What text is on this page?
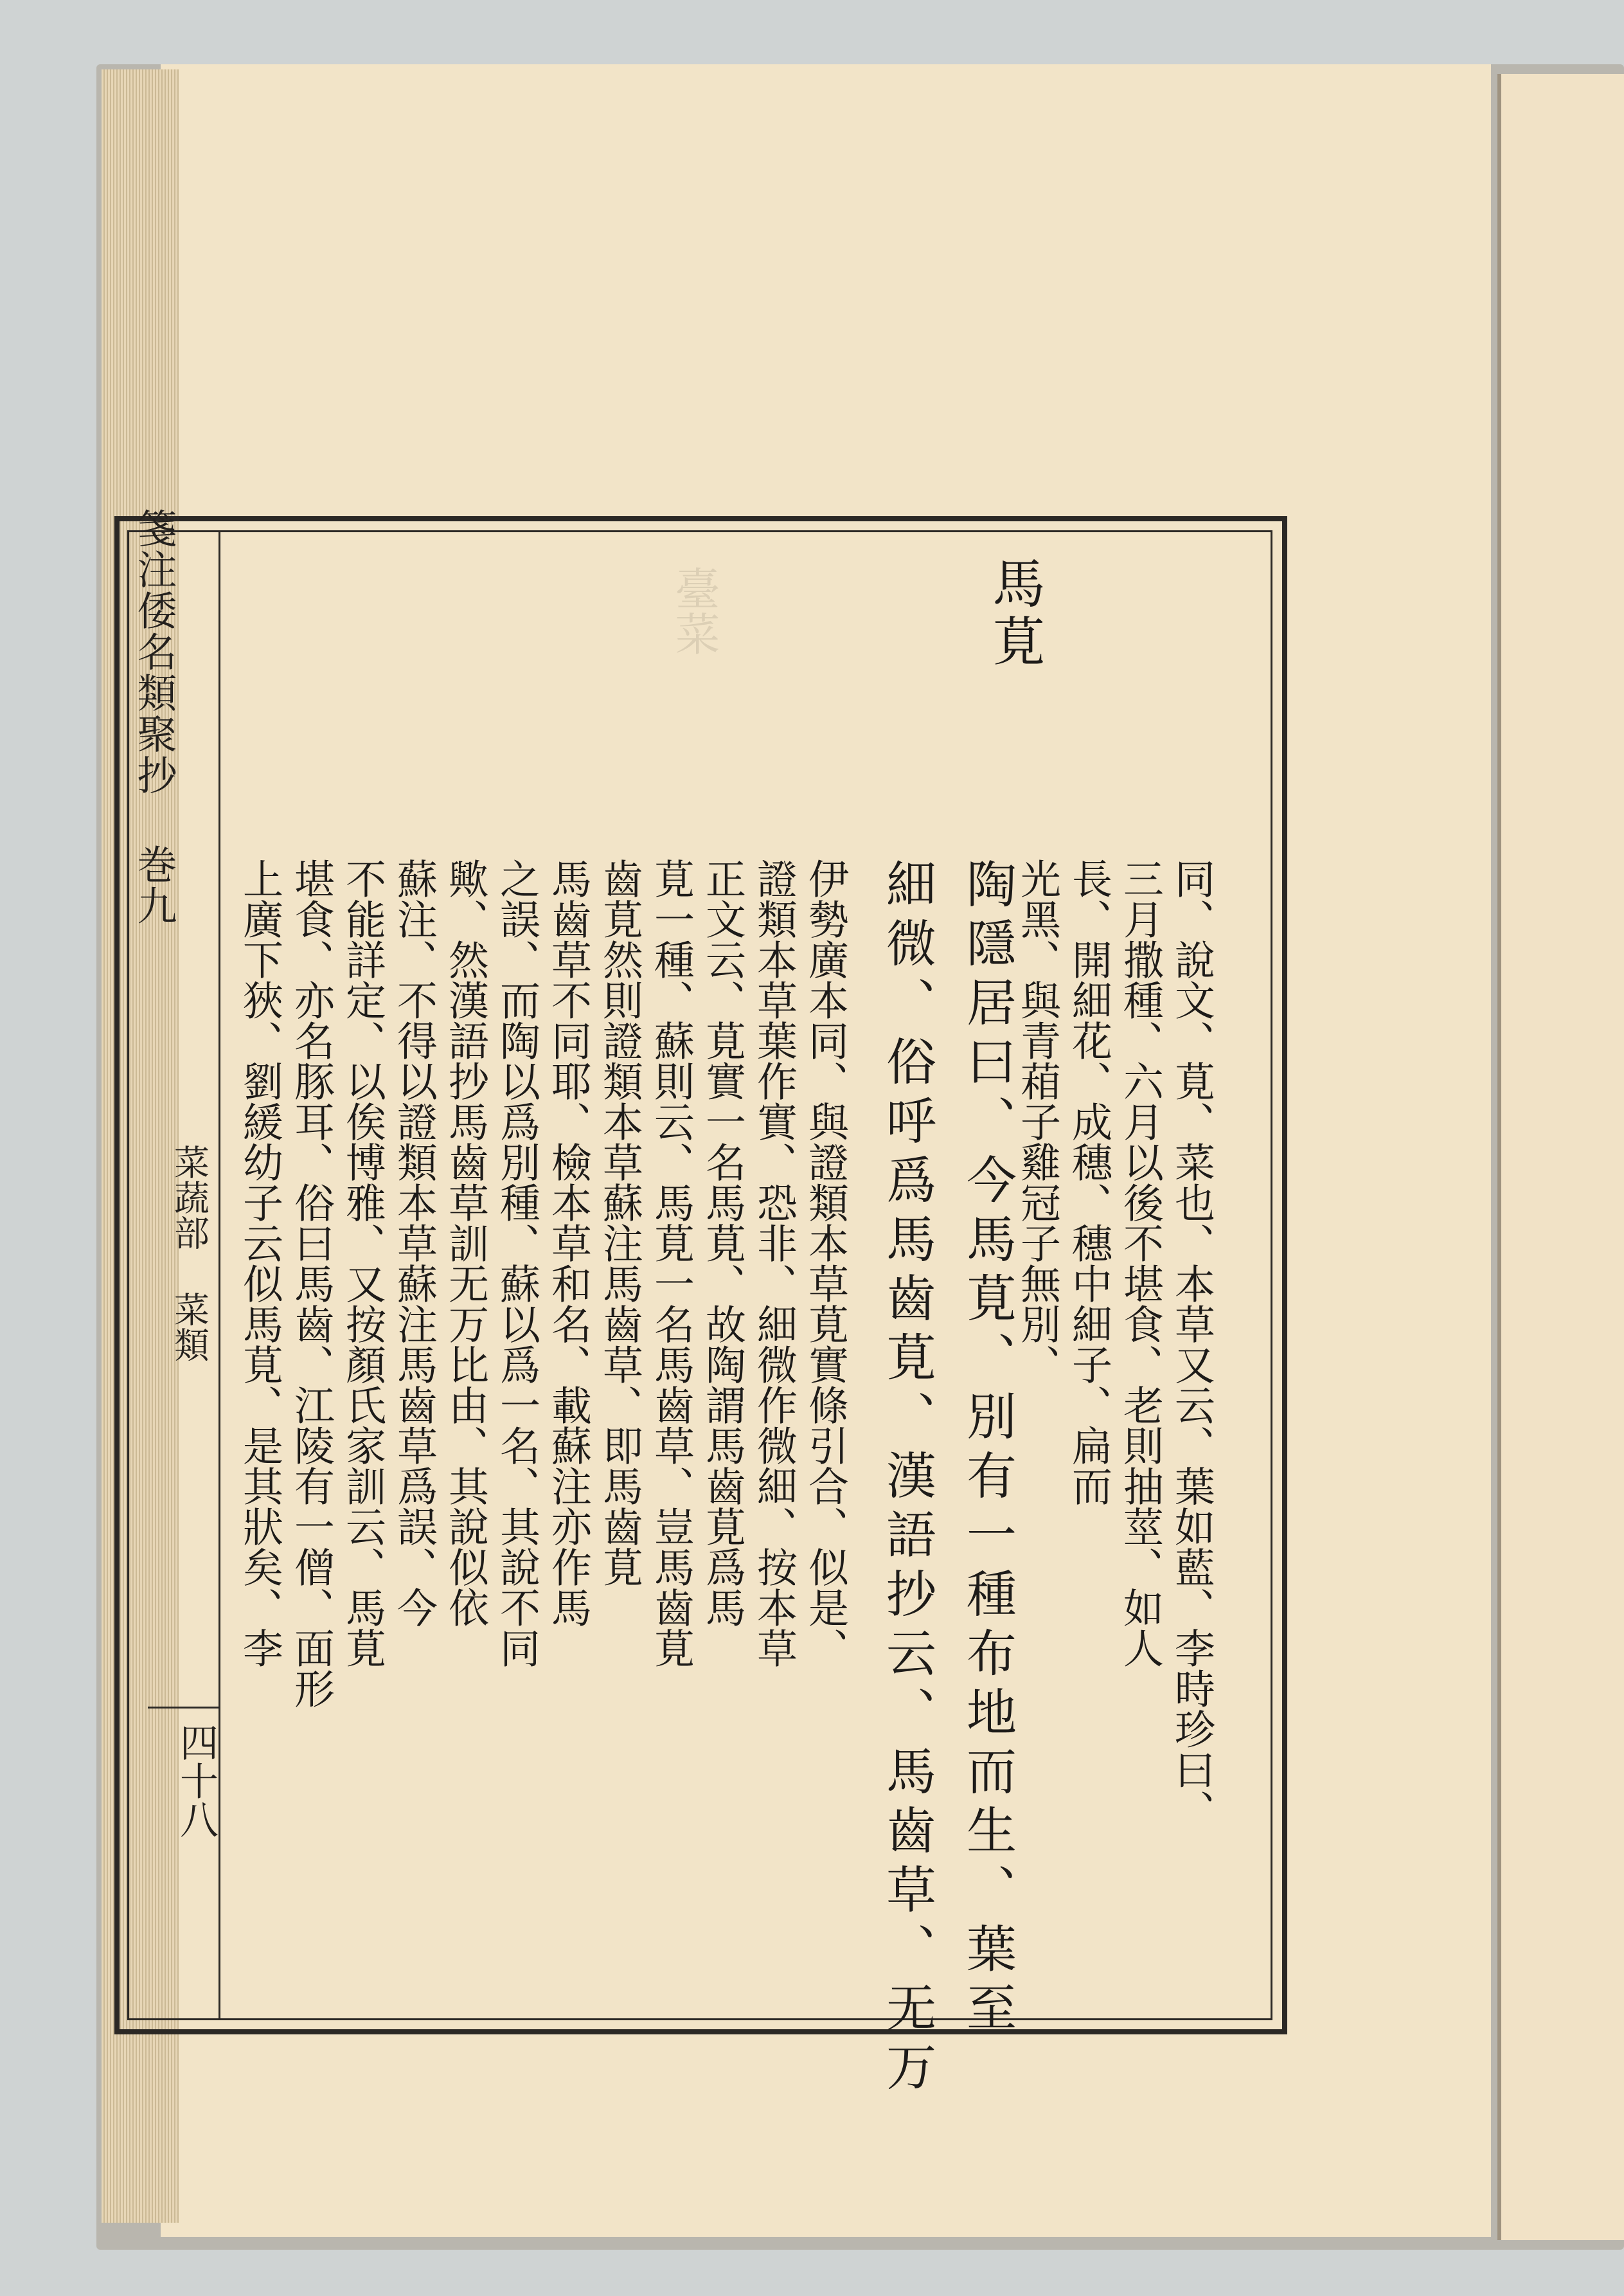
箋注倭名類聚抄 巻九
菜蔬部 菜類
四十八
臺菜	馬莧
同、說文、莧、菜也、本草又云、葉如藍、李時珍曰、
三月撒種、六月以後不堪食、老則抽莖、如人
長、開細花、成穗、穗中細子、扁而
光黑、與青葙子雞冠子無別、
陶隱居曰、今馬莧、別有一種布地而生、葉至
細微、俗呼爲馬齒莧、漢語抄云、馬齒草、无万
伊勢廣本同、與證類本草莧實條引合、似是、
證類本草葉作實、恐非、細微作微細、按本草
正文云、莧實一名馬莧、故陶謂馬齒莧爲馬
莧一種、蘇則云、馬莧一名馬齒草、豈馬齒莧
齒莧然則證類本草蘇注馬齒草、即馬齒莧
馬齒草不同耶、檢本草和名、載蘇注亦作馬
之誤、而陶以爲別種、蘇以爲一名、其說不同
歟、然漢語抄馬齒草訓无万比由、其說似依
蘇注、不得以證類本草蘇注馬齒草爲誤、今
不能詳定、以俟博雅、又按顏氏家訓云、馬莧
堪食、亦名豚耳、俗曰馬齒、江陵有一僧、面形
上廣下狹、劉緩幼子云似馬莧、是其狀矣、李
